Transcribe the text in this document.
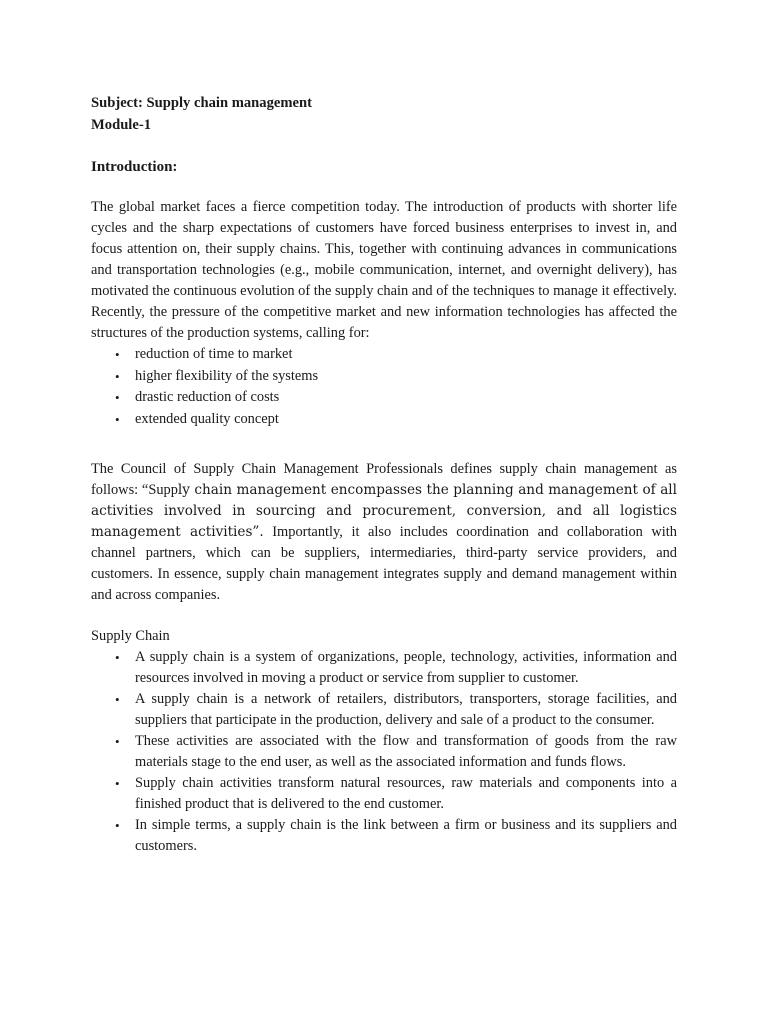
Subject: Supply chain management
Module-1
Introduction:

The global market faces a fierce competition today. The introduction of products with shorter life cycles and the sharp expectations of customers have forced business enterprises to invest in, and focus attention on, their supply chains. This, together with continuing advances in communications and transportation technologies (e.g., mobile communication, internet, and overnight delivery), has motivated the continuous evolution of the supply chain and of the techniques to manage it effectively. Recently, the pressure of the competitive market and new information technologies has affected the structures of the production systems, calling for:

•	reduction of time to market
•	higher flexibility of the systems
•	drastic reduction of costs
•	extended quality concept

The Council of Supply Chain Management Professionals defines supply chain management as follows: “Supply chain management encompasses the planning and management of all activities involved in sourcing and procurement, conversion, and all logistics management activities”. Importantly, it also includes coordination and collaboration with channel partners, which can be suppliers, intermediaries, third-party service providers, and customers. In essence, supply chain management integrates supply and demand management within and across companies.

Supply Chain
•	A supply chain is a system of organizations, people, technology, activities, information and resources involved in moving a product or service from supplier to customer.
•	A supply chain is a network of retailers, distributors, transporters, storage facilities, and suppliers that participate in the production, delivery and sale of a product to the consumer.
•	These activities are associated with the flow and transformation of goods from the raw materials stage to the end user, as well as the associated information and funds flows.
•	Supply chain activities transform natural resources, raw materials and components into a finished product that is delivered to the end customer.
•	In simple terms, a supply chain is the link between a firm or business and its suppliers and customers.
